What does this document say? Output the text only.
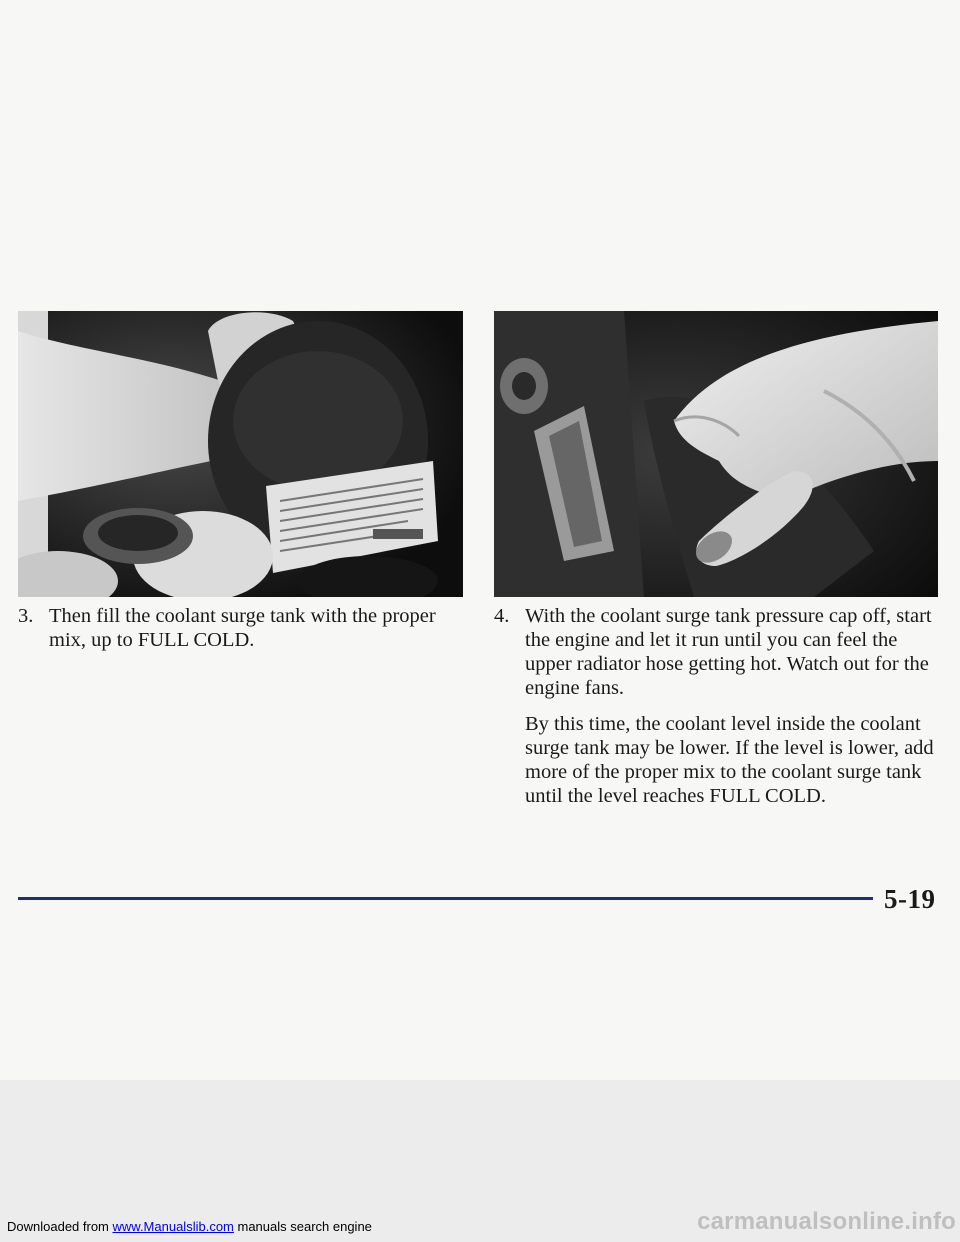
3. Then fill the coolant surge tank with the proper mix, up to FULL COLD.

4. With the coolant surge tank pressure cap off, start the engine and let it run until you can feel the upper radiator hose getting hot. Watch out for the engine fans.

By this time, the coolant level inside the coolant surge tank may be lower. If the level is lower, add more of the proper mix to the coolant surge tank until the level reaches FULL COLD.

5-19
Downloaded from www.Manualslib.com manuals search engine	carmanualsonline.info
